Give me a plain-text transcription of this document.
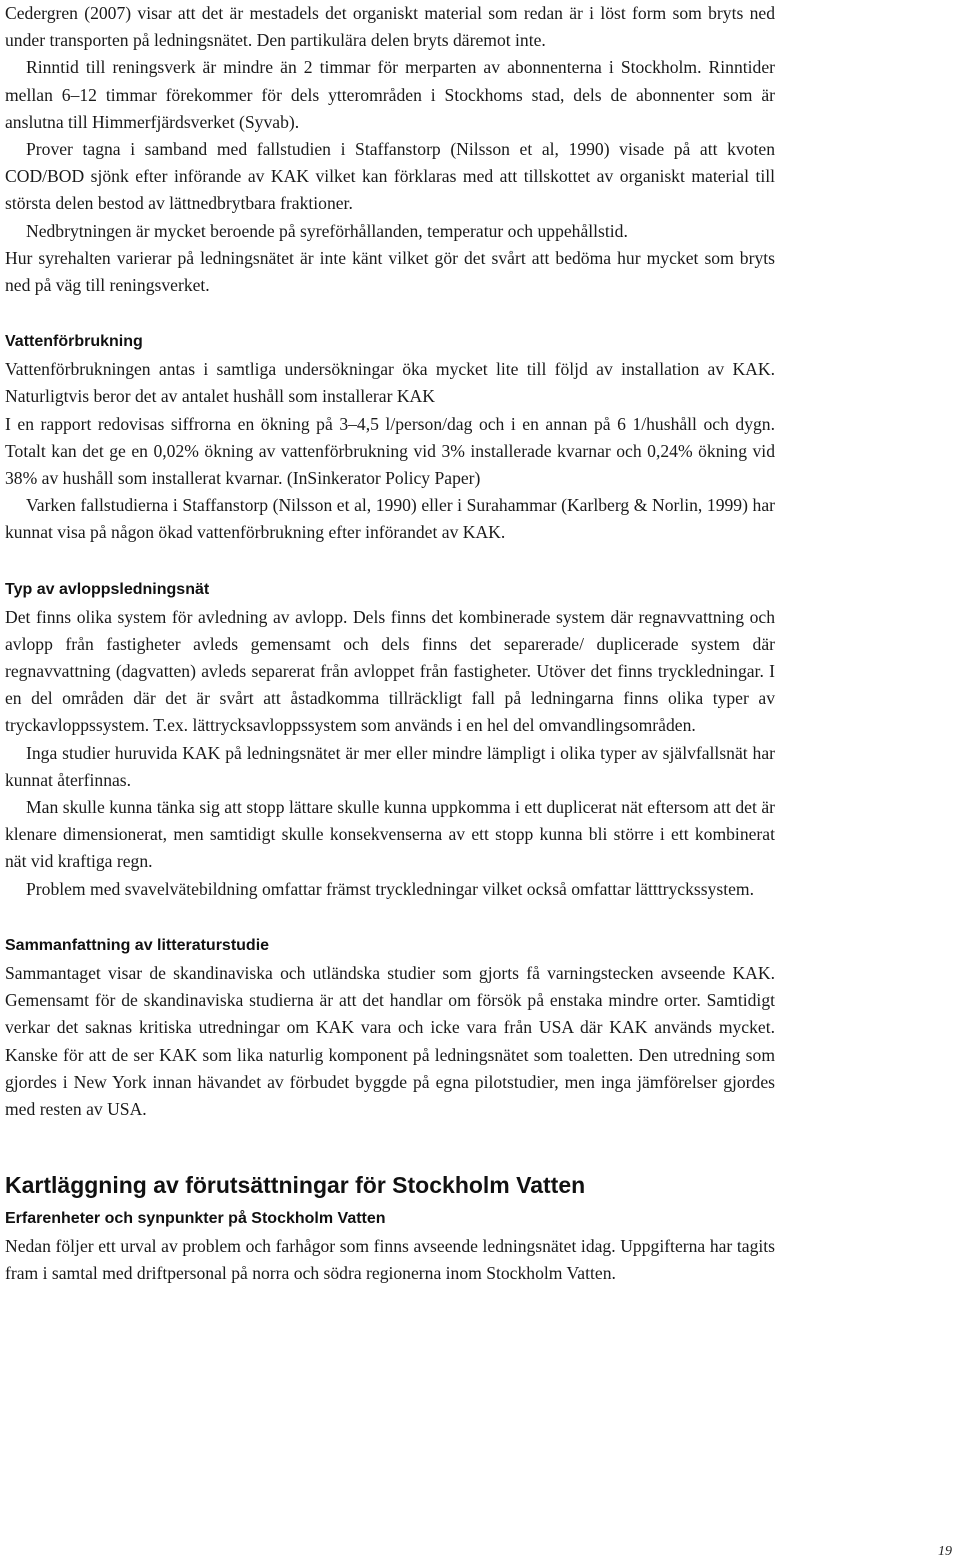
Cedergren (2007) visar att det är mestadels det organiskt material som redan är i löst form som bryts ned under transporten på ledningsnätet. Den partikulära delen bryts däremot inte.

Rinntid till reningsverk är mindre än 2 timmar för merparten av abonnenterna i Stockholm. Rinntider mellan 6–12 timmar förekommer för dels ytterområden i Stockhoms stad, dels de abonnenter som är anslutna till Himmerfjärdsverket (Syvab).

Prover tagna i samband med fallstudien i Staffanstorp (Nilsson et al, 1990) visade på att kvoten COD/BOD sjönk efter införande av KAK vilket kan förklaras med att tillskottet av organiskt material till största delen bestod av lättnedbrytbara fraktioner.

Nedbrytningen är mycket beroende på syreförhållanden, temperatur och uppehållstid.

Hur syrehalten varierar på ledningsnätet är inte känt vilket gör det svårt att bedöma hur mycket som bryts ned på väg till reningsverket.

Vattenförbrukning

Vattenförbrukningen antas i samtliga undersökningar öka mycket lite till följd av installation av KAK. Naturligtvis beror det av antalet hushåll som installerar KAK

I en rapport redovisas siffrorna en ökning på 3–4,5 l/person/dag och i en annan på 6 1/hushåll och dygn. Totalt kan det ge en 0,02% ökning av vattenförbrukning vid 3% installerade kvarnar och 0,24% ökning vid 38% av hushåll som installerat kvarnar. (InSinkerator Policy Paper)

Varken fallstudierna i Staffanstorp (Nilsson et al, 1990) eller i Surahammar (Karlberg & Norlin, 1999) har kunnat visa på någon ökad vattenförbrukning efter införandet av KAK.

Typ av avloppsledningsnät

Det finns olika system för avledning av avlopp. Dels finns det kombinerade system där regnavvattning och avlopp från fastigheter avleds gemensamt och dels finns det separerade/ duplicerade system där regnavvattning (dagvatten) avleds separerat från avloppet från fastigheter. Utöver det finns tryckledningar. I en del områden där det är svårt att åstadkomma tillräckligt fall på ledningarna finns olika typer av tryckavloppssystem. T.ex. lättrycksavloppssystem som används i en hel del omvandlingsområden.

Inga studier huruvida KAK på ledningsnätet är mer eller mindre lämpligt i olika typer av självfallsnät har kunnat återfinnas.

Man skulle kunna tänka sig att stopp lättare skulle kunna uppkomma i ett duplicerat nät eftersom att det är klenare dimensionerat, men samtidigt skulle konsekvenserna av ett stopp kunna bli större i ett kombinerat nät vid kraftiga regn.

Problem med svavelvätebildning omfattar främst tryckledningar vilket också omfattar lätttryckssystem.

Sammanfattning av litteraturstudie

Sammantaget visar de skandinaviska och utländska studier som gjorts få varningstecken avseende KAK. Gemensamt för de skandinaviska studierna är att det handlar om försök på enstaka mindre orter. Samtidigt verkar det saknas kritiska utredningar om KAK vara och icke vara från USA där KAK används mycket. Kanske för att de ser KAK som lika naturlig komponent på ledningsnätet som toaletten. Den utredning som gjordes i New York innan hävandet av förbudet byggde på egna pilotstudier, men inga jämförelser gjordes med resten av USA.

Kartläggning av förutsättningar för Stockholm Vatten
Erfarenheter och synpunkter på Stockholm Vatten

Nedan följer ett urval av problem och farhågor som finns avseende ledningsnätet idag. Uppgifterna har tagits fram i samtal med driftpersonal på norra och södra regionerna inom Stockholm Vatten.

19
